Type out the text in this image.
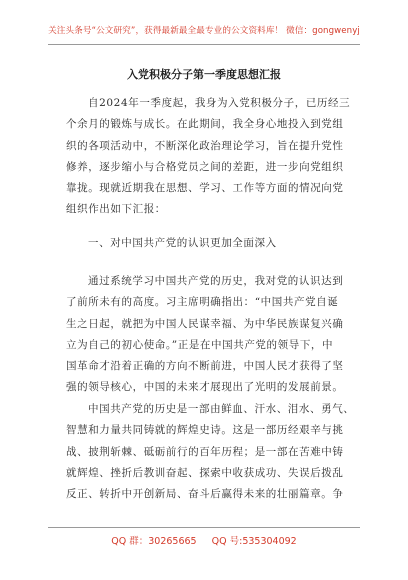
关注头条号“公文研究”，获得最新最全最专业的公文资料库！ 微信：gongwenyj
入党积极分子第一季度思想汇报
自2024年一季度起，我身为入党积极分子，已历经三
个余月的锻炼与成长。在此期间，我全身心地投入到党组
织的各项活动中，不断深化政治理论学习，旨在提升党性
修养，逐步缩小与合格党员之间的差距，进一步向党组织
靠拢。现就近期我在思想、学习、工作等方面的情况向党
组织作出如下汇报：
一、对中国共产党的认识更加全面深入
通过系统学习中国共产党的历史，我对党的认识达到
了前所未有的高度。习主席明确指出：“中国共产党自诞
生之日起，就把为中国人民谋幸福、为中华民族谋复兴确
立为自己的初心使命。”正是在中国共产党的领导下，中
国革命才沿着正确的方向不断前进，中国人民才获得了坚
强的领导核心，中国的未来才展现出了光明的发展前景。
中国共产党的历史是一部由鲜血、汗水、泪水、勇气、
智慧和力量共同铸就的辉煌史诗。这是一部历经艰辛与挑
战、披荆斩棘、砥砺前行的百年历程；是一部在苦难中铸
就辉煌、挫折后教训奋起、探索中收获成功、失误后拨乱
反正、转折中开创新局、奋斗后赢得未来的壮丽篇章。争
QQ 群：30265665 QQ 号:535304092
